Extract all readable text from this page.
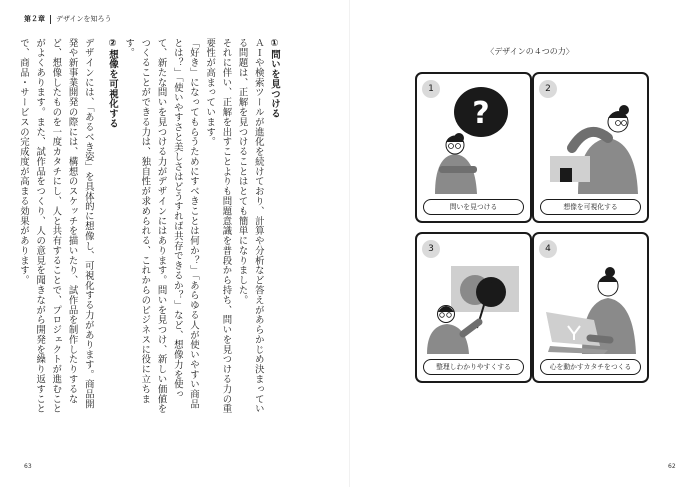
第２章 デザインを知ろう

①問いを見つける

ＡＩや検索ツールが進化を続けており、計算や分析など答えがあらかじめ決まっている問題は、正解を見つけることはとても簡単になりました。

それに伴い、正解を出すことよりも問題意識を普段から持ち、問いを見つける力の重要性が高まっています。

「好き」になってもらうためにすべきことは何か？」「あらゆる人が使いやすい商品とは？」「使いやすさと美しさはどうすれば共存できるか？」など、想像力を使って、新たな問いを見つける力がデザインにはあります。問いを見つけ、新しい価値をつくることができる力は、独自性が求められる、これからのビジネスに役に立ちます。

②想像を可視化する

デザインには、「あるべき姿」を具体的に想像し、可視化する力があります。商品開発や新事業開発の際には、構想のスケッチを描いたり、試作品を制作したりするなど、想像したものを一度カタチにし、人と共有することで、プロジェクトが進むことがよくあります。また、試作品をつくり、人の意見を聞きながら開発を繰り返すことで、商品・サービスの完成度が高まる効果があります。	〈デザインの４つの力〉
?
1
問いを見つける
2
想像を可視化する
3
整理しわかりやすくする
4
心を動かすカタチをつくる
63	62
